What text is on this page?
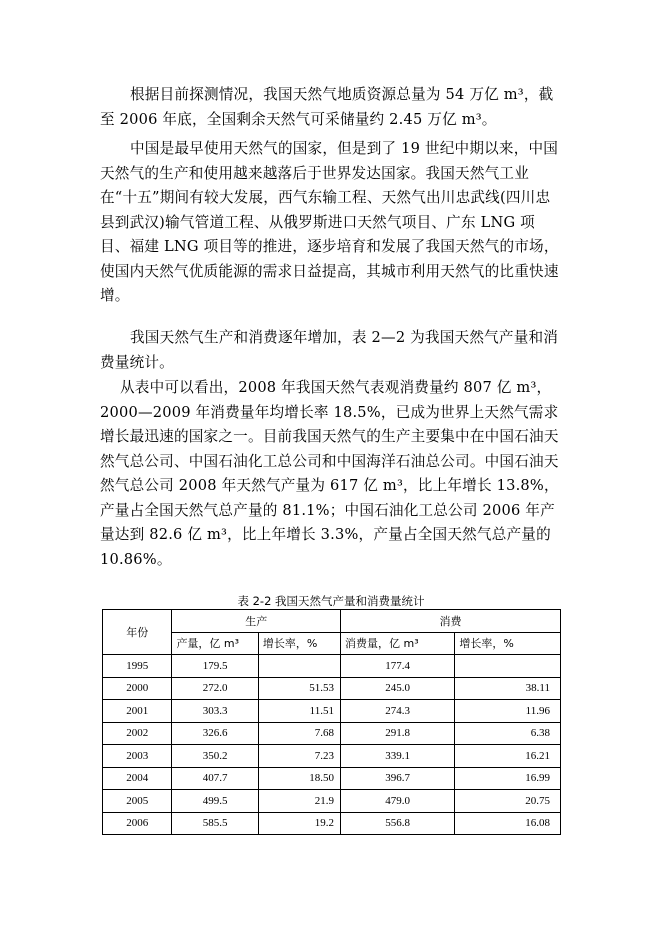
根据目前探测情况，我国天然气地质资源总量为 54 万亿 m³，截至 2006 年底，全国剩余天然气可采储量约 2.45 万亿 m³。

中国是最早使用天然气的国家，但是到了 19 世纪中期以来，中国天然气的生产和使用越来越落后于世界发达国家。我国天然气工业在“十五”期间有较大发展，西气东输工程、天然气出川忠武线(四川忠县到武汉)输气管道工程、从俄罗斯进口天然气项目、广东 LNG 项目、福建 LNG 项目等的推进，逐步培育和发展了我国天然气的市场，使国内天然气优质能源的需求日益提高，其城市利用天然气的比重快速增。

我国天然气生产和消费逐年增加，表 2—2 为我国天然气产量和消费量统计。

从表中可以看出，2008 年我国天然气表观消费量约 807 亿 m³，2000—2009 年消费量年均增长率 18.5%，已成为世界上天然气需求增长最迅速的国家之一。目前我国天然气的生产主要集中在中国石油天然气总公司、中国石油化工总公司和中国海洋石油总公司。中国石油天然气总公司 2008 年天然气产量为 617 亿 m³，比上年增长 13.8%，产量占全国天然气总产量的 81.1%；中国石油化工总公司 2006 年产量达到 82.6 亿 m³，比上年增长 3.3%，产量占全国天然气总产量的 10.86%。

表 2-2 我国天然气产量和消费量统计
年份	生产		消费	
	产量，亿 m³	增长率，%	消费量，亿 m³	增长率，%
1995	179.5		177.4	
2000	272.0	51.53	245.0	38.11
2001	303.3	11.51	274.3	11.96
2002	326.6	7.68	291.8	6.38
2003	350.2	7.23	339.1	16.21
2004	407.7	18.50	396.7	16.99
2005	499.5	21.9	479.0	20.75
2006	585.5	19.2	556.8	16.08
